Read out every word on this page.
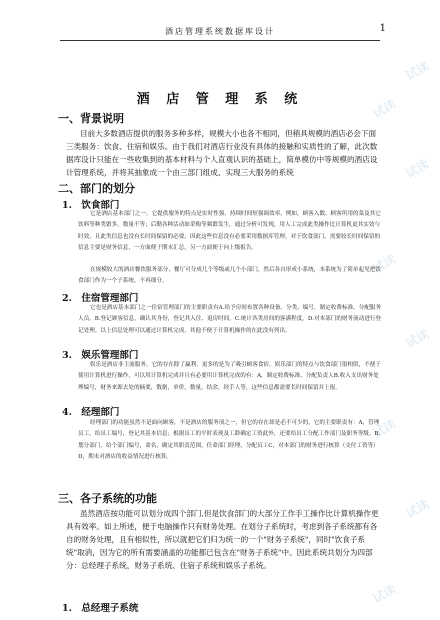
酒店管理系统数据库设计	1
试读
试读
试读
试读
试读
试读
试读
试读
酒 店 管 理 系 统
一、背景说明
目前大多数酒店提供的服务多种多样，规模大小也各不相同，但稍具规模的酒店必会下面三类服务：饮食、住宿和娱乐。由于我们对酒店行业没有具体的接触和实质性的了解，此次数据库设计只能在一些收集到的基本材料与个人直观认识的基础上，简单模仿中等规模的酒店设计管理系统，并将其抽象成一个由三部门组成、实现三大服务的系统
二、部门的划分
1.　饮食部门
它是酒店基本部门之一。它提供服务的特点是实时性强、持续时间短强调效率。例如，顾客入数、顾客所用的菜及其它饮料等种类繁多，数量不等；后勤各种活动如采购等频繁发生，通过分析可发现，用人工完成此类操作比计算机更其实效与时效，且此类信息也没有长时间保留的必要，因此这些信息没有必要采用数据库管理。对于饮食部门，需要较长时间保留的信息主要是财务信息，一方面便于期末汇总，另一方面便于向上级报告。
在规模较大的酒店餐饮服务部分，餐厅可分成几个等级或几个小部门，然后各自形成小系统，本系统为了简单起见把饮食部门作为一个子系统，不再细分。
2.　住宿管理部门
它也是酒店基本部门之一住宿管理部门的主要职责有A.给予房间布置各种设备、分类、编号，制定收费标准，分配服务人员。B.登记顾客信息，确认其身份，登记其入住、退房时间。C.统计各类房间的客满程度。D.对本部门的财务流动进行登记处理。以上信息处理可以通过计算机完成，其他不便于计算机操作的在此没有列出。
3.　娱乐管理部门
娱乐是酒店非主流服务，它的存在除了赢利，更多的是为了吸引顾客食宿。娱乐部门的特点与饮食部门很相似，不便于使用计算机进行操作，可以用计算机完成并且有必要用计算机完成的有：A，制定收费标准，分配负责人B.收入支出财务处理编号，财务来源去处的摘要，数据，单价，数量，结余，经手人等，这些信息都需要长时间保留并上报。
4.　经理部门
经理部门的功能虽然不是面向顾客，不是酒店的服务项之一，但它的存在却是必不可少的，它的主要职责有：A，管理员工，给员工编号，登记其基本信息；根据员工的平时表现及工龄确定工资此外，还要给员工分配工作部门及职务等级。B.划分部门，给个部门编号，命名，确定其职责范围，任命部门经理，分配员工C，对本部门的财务进行核算（支付工资等）D，期末对酒店的收益情况进行核算。
三、各子系统的功能
虽然酒店按功能可以划分成四个部门,但是饮食部门的大部分工作手工操作比计算机操作更具有效率。如上所述，便于电脑操作只有财务处理。在划分子系统时，考虑到各子系统都有各自的财务处理，且有相似性，所以就把它们归为统一的一个"财务子系统"，同时"饮食子系统"取消，因为它的所有需要涵盖的功能都已包含在"财务子系统"中。因此系统共划分为四部分：总经理子系统，财务子系统、住宿子系统和娱乐子系统。
1.　总经理子系统
